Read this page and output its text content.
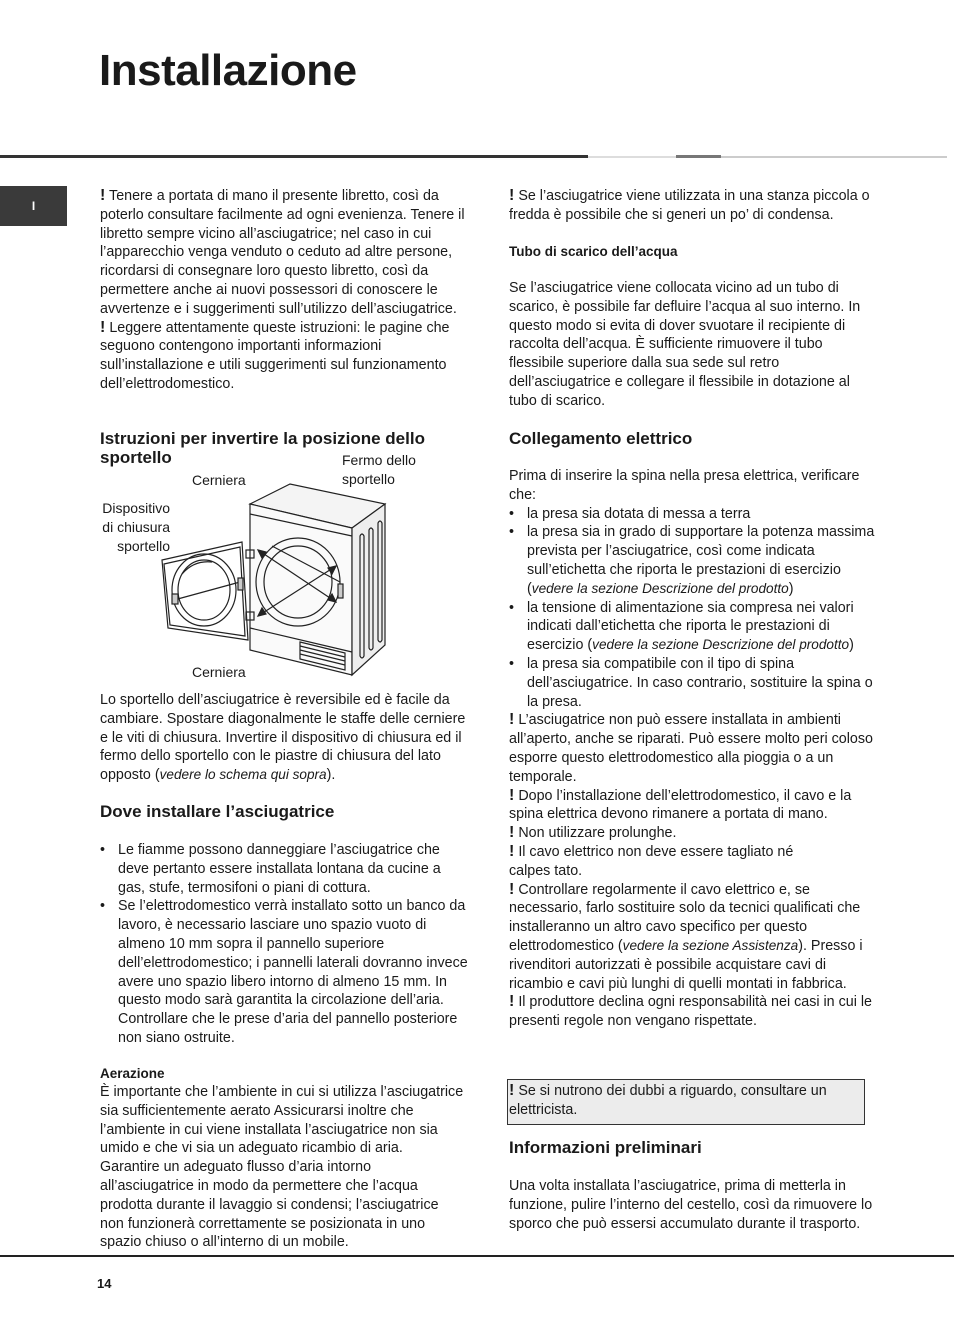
Installazione
I

! Tenere a portata di mano il presente libretto, così da poterlo consultare facilmente ad ogni evenienza. Tenere il libretto sempre vicino all’asciugatrice; nel caso in cui l’apparecchio venga venduto o ceduto ad altre persone, ricordarsi di consegnare loro questo libretto, così da permettere anche ai nuovi possessori di conoscere le avvertenze e i suggerimenti sull’utilizzo dell’asciugatrice.

! Leggere attentamente queste istruzioni: le pagine che seguono contengono importanti informazioni sull’installazione e utili suggerimenti sul funzionamento dell’elettrodomestico.

Istruzioni per invertire la posizione dello sportello
Cerniera
Fermo dello sportello
Dispositivo di chiusura sportello
Cerniera

Lo sportello dell’asciugatrice è reversibile ed è facile da cambiare. Spostare diagonalmente le staffe delle cerniere e le viti di chiusura. Invertire il dispositivo di chiusura ed il fermo dello sportello con le piastre di chiusura del lato opposto (vedere lo schema qui sopra).

Dove installare l’asciugatrice
• Le fiamme possono danneggiare l’asciugatrice che deve pertanto essere installata lontana da cucine a gas, stufe, termosifoni o piani di cottura.
• Se l’elettrodomestico verrà installato sotto un banco da lavoro, è necessario lasciare uno spazio vuoto di almeno 10 mm sopra il pannello superiore dell’elettrodomestico; i pannelli laterali dovranno invece avere uno spazio libero intorno di almeno 15 mm. In questo modo sarà garantita la circolazione dell’aria. Controllare che le prese d’aria del pannello posteriore non siano ostruite.
Aerazione

È importante che l’ambiente in cui si utilizza l’asciugatrice sia sufficientemente aerato Assicurarsi inoltre che l’ambiente in cui viene installata l’asciugatrice non sia umido e che vi sia un adeguato ricambio di aria. Garantire un adeguato flusso d’aria intorno all’asciugatrice in modo da permettere che l’acqua prodotta durante il lavaggio si condensi; l’asciugatrice non funzionerà correttamente se posizionata in uno spazio chiuso o all’interno di un mobile.

! Se l’asciugatrice viene utilizzata in una stanza piccola o fredda è possibile che si generi un po’ di condensa.

Tubo di scarico dell’acqua

Se l’asciugatrice viene collocata vicino ad un tubo di scarico, è possibile far defluire l’acqua al suo interno. In questo modo si evita di dover svuotare il recipiente di raccolta dell’acqua. È sufficiente rimuovere il tubo flessibile superiore dalla sua sede sul retro dell’asciugatrice e collegare il flessibile in dotazione al tubo di scarico.

Collegamento elettrico

Prima di inserire la spina nella presa elettrica, verificare che:

• la presa sia dotata di messa a terra
• la presa sia in grado di supportare la potenza massima prevista per l’asciugatrice, così come indicata sull’etichetta che riporta le prestazioni di esercizio (vedere la sezione Descrizione del prodotto)
• la tensione di alimentazione sia compresa nei valori indicati dall’etichetta che riporta le prestazioni di esercizio (vedere la sezione Descrizione del prodotto)
• la presa sia compatibile con il tipo di spina dell’asciugatrice. In caso contrario, sostituire la spina o la presa.

! L’asciugatrice non può essere installata in ambienti all’aperto, anche se riparati. Può essere molto peri coloso esporre questo elettrodomestico alla pioggia o a un temporale.

! Dopo l’installazione dell’elettrodomestico, il cavo e la spina elettrica devono rimanere a portata di mano.

! Non utilizzare prolunghe.

! Il cavo elettrico non deve essere tagliato né calpes tato.

! Controllare regolarmente il cavo elettrico e, se necessario, farlo sostituire solo da tecnici qualificati che installeranno un altro cavo specifico per questo elettrodomestico (vedere la sezione Assistenza). Presso i rivenditori autorizzati è possibile acquistare cavi di ricambio e cavi più lunghi di quelli montati in fabbrica.

! Il produttore declina ogni responsabilità nei casi in cui le presenti regole non vengano rispettate.

! Se si nutrono dei dubbi a riguardo, consultare un elettricista.

Informazioni preliminari

Una volta installata l’asciugatrice, prima di metterla in funzione, pulire l’interno del cestello, così da rimuovere lo sporco che può essersi accumulato durante il trasporto.

14
